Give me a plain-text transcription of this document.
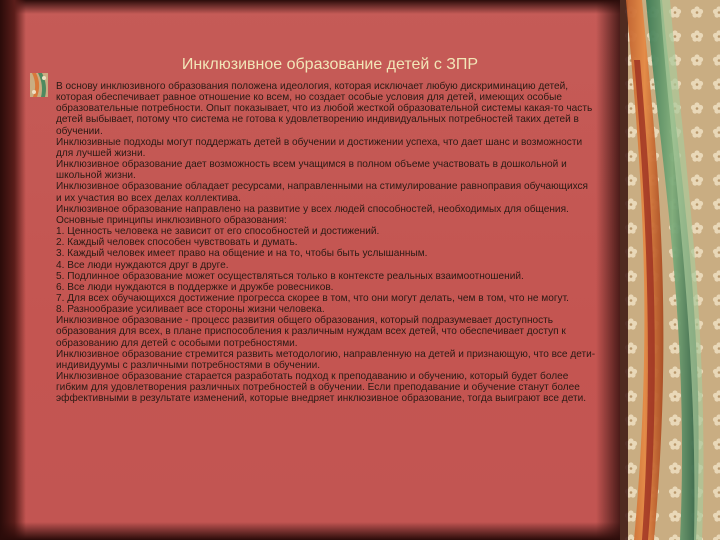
Инклюзивное образование детей с ЗПР

В основу инклюзивного образования положена идеология, которая исключает любую дискриминацию детей, которая обеспечивает равное отношение ко всем, но создает особые условия для детей, имеющих особые образовательные потребности. Опыт показывает, что из любой жесткой образовательной системы какая-то часть детей выбывает, потому что система не готова к удовлетворению индивидуальных потребностей таких детей в обучении.

Инклюзивные подходы могут поддержать детей в обучении и достижении успеха, что дает шанс и возможности для лучшей жизни.

Инклюзивное образование дает возможность всем учащимся в полном объеме участвовать в дошкольной и школьной жизни.

Инклюзивное образование обладает ресурсами, направленными на стимулирование равноправия обучающихся и их участия во всех делах коллектива.

Инклюзивное образование направлено на развитие у всех людей способностей, необходимых для общения.

Основные принципы инклюзивного образования:

1. Ценность человека не зависит от его способностей и достижений.

2. Каждый человек способен чувствовать и думать.

3. Каждый человек имеет право на общение и на то, чтобы быть услышанным.

4. Все люди нуждаются друг в друге.

5. Подлинное образование может осуществляться только в контексте реальных взаимоотношений.

6. Все люди нуждаются в поддержке и дружбе ровесников.

7. Для всех обучающихся достижение прогресса скорее в том, что они могут делать, чем в том, что не могут.

8. Разнообразие усиливает все стороны жизни человека.

Инклюзивное образование - процесс развития общего образования, который подразумевает доступность образования для всех, в плане приспособления к различным нуждам всех детей, что обеспечивает доступ к образованию для детей с особыми потребностями.

Инклюзивное образование стремится развить методологию, направленную на детей и признающую, что все дети-индивидуумы с различными потребностями в обучении.

Инклюзивное образование старается разработать подход к преподаванию и обучению, который будет более гибким для удовлетворения различных потребностей в обучении. Если преподавание и обучение станут более эффективными в результате изменений, которые внедряет инклюзивное образование, тогда выиграют все дети.
